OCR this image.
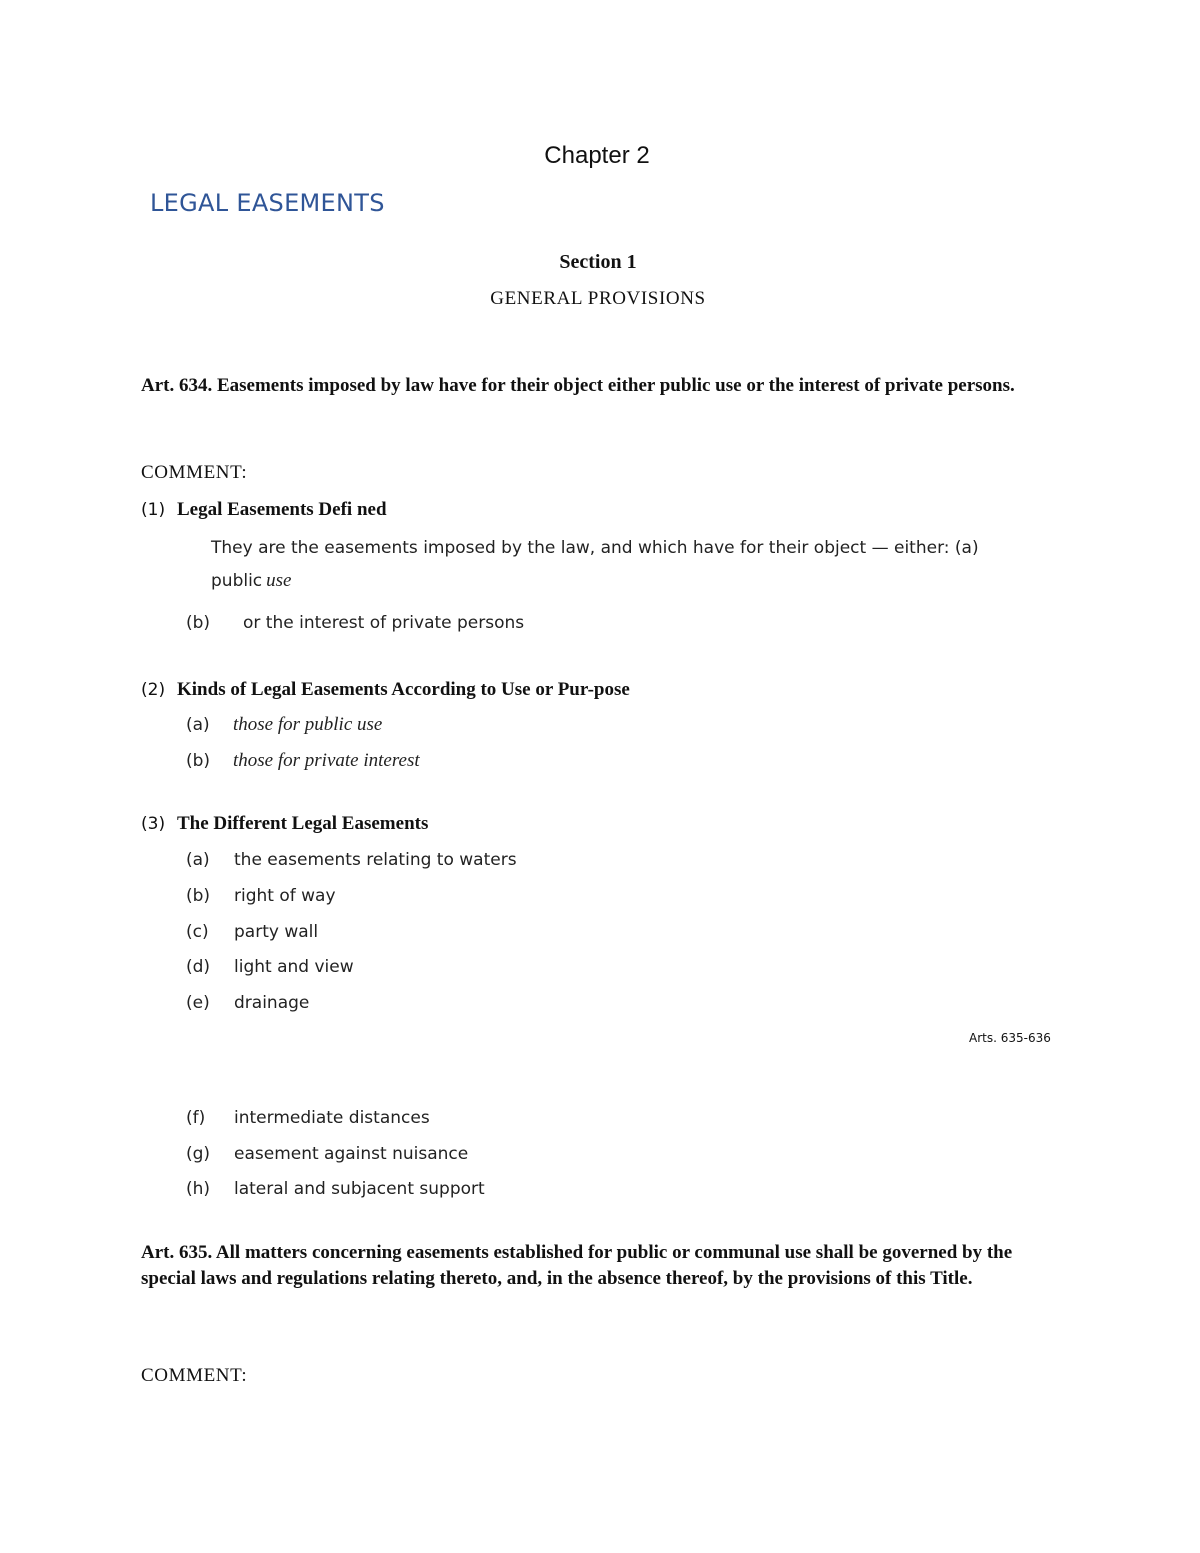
Chapter 2
LEGAL EASEMENTS
Section 1
GENERAL PROVISIONS
Art. 634. Easements imposed by law have for their object either public use or the interest of private persons.
COMMENT:
(1) Legal Easements Defi ned
They are the easements imposed by the law, and which have for their object — either: (a)
public use
(b) or the interest of private persons
(2) Kinds of Legal Easements According to Use or Pur-pose
(a) those for public use
(b) those for private interest
(3) The Different Legal Easements
(a) the easements relating to waters
(b) right of way
(c) party wall
(d) light and view
(e) drainage
Arts. 635-636
(f) intermediate distances
(g) easement against nuisance
(h) lateral and subjacent support
Art. 635. All matters concerning easements established for public or communal use shall be governed by the special laws and regulations relating thereto, and, in the absence thereof, by the provisions of this Title.
COMMENT:
